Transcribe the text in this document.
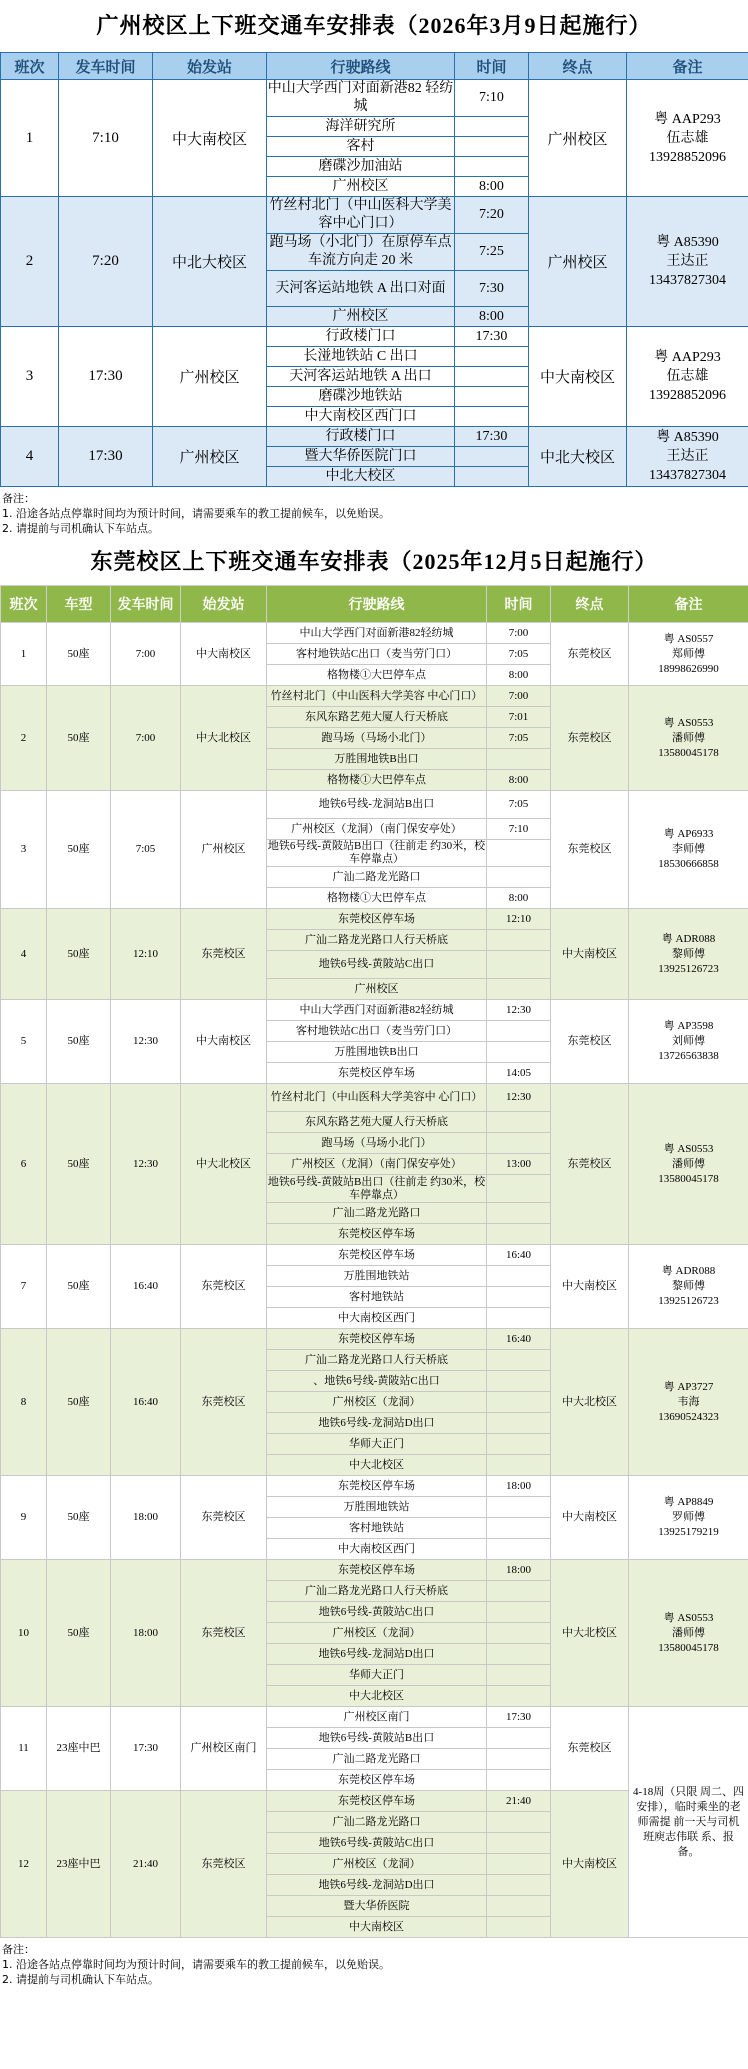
广州校区上下班交通车安排表（2026年3月9日起施行）
班次	发车时间	始发站	行驶路线	时间	终点	备注
1	7:10	中大南校区	中山大学西门对面新港82 轻纺城	7:10	广州校区	粤 AAP293
伍志雄
13928852096

			海洋研究所			
			客村			
			磨碟沙加油站			
			广州校区	8:00		
2	7:20	中北大校区	竹丝村北门（中山医科大学美容中心门口）	7:20	广州校区	粤 A85390
王达正
13437827304

			跑马场（小北门）在原停车点车流方向走 20 米	7:25		
			天河客运站地铁 A 出口对面	7:30		
			广州校区	8:00		
3	17:30	广州校区	行政楼门口	17:30	中大南校区	粤 AAP293
伍志雄
13928852096

			长湴地铁站 C 出口			
			天河客运站地铁 A 出口			
			磨碟沙地铁站			
			中大南校区西门口			
4	17:30	广州校区	行政楼门口	17:30	中北大校区	粤 A85390
王达正
13437827304

			暨大华侨医院门口			
			中北大校区			
备注：
1. 沿途各站点停靠时间均为预计时间，请需要乘车的教工提前候车，以免贻误。
2. 请提前与司机确认下车站点。
东莞校区上下班交通车安排表（2025年12月5日起施行）
班次	车型	发车时间	始发站	行驶路线	时间	终点	备注
1	50座	7:00	中大南校区	中山大学西门对面新港82轻纺城	7:00	东莞校区	粤 AS0557
郑师傅
18998626990

				客村地铁站C出口（麦当劳门口）	7:05		
				格物楼①大巴停车点	8:00		
2	50座	7:00	中大北校区	竹丝村北门（中山医科大学美容 中心门口）	7:00	东莞校区	粤 AS0553
潘师傅
13580045178

				东风东路艺苑大厦人行天桥底	7:01		
				跑马场（马场小北门）	7:05		
				万胜围地铁B出口			
				格物楼①大巴停车点	8:00		
3	50座	7:05	广州校区	地铁6号线-龙洞站B出口	7:05	东莞校区	粤 AP6933
李师傅
18530666858

				广州校区（龙洞）（南门保安亭处）	7:10		
				地铁6号线-黄陂站B出口（往前走 约30米，校车停靠点）			
				广汕二路龙光路口			
				格物楼①大巴停车点	8:00		
4	50座	12:10	东莞校区	东莞校区停车场	12:10	中大南校区	粤 ADR088
黎师傅
13925126723

				广汕二路龙光路口人行天桥底			
				地铁6号线-黄陂站C出口			
				广州校区			
5	50座	12:30	中大南校区	中山大学西门对面新港82轻纺城	12:30	东莞校区	粤 AP3598
刘师傅
13726563838

				客村地铁站C出口（麦当劳门口）			
				万胜围地铁B出口			
				东莞校区停车场	14:05		
6	50座	12:30	中大北校区	竹丝村北门（中山医科大学美容中 心门口）	12:30	东莞校区	粤 AS0553
潘师傅
13580045178

				东风东路艺苑大厦人行天桥底			
				跑马场（马场小北门）			
				广州校区（龙洞）（南门保安亭处）	13:00		
				地铁6号线-黄陂站B出口（往前走 约30米，校车停靠点）			
				广汕二路龙光路口			
				东莞校区停车场			
7	50座	16:40	东莞校区	东莞校区停车场	16:40	中大南校区	粤 ADR088
黎师傅
13925126723

				万胜围地铁站			
				客村地铁站			
				中大南校区西门			
8	50座	16:40	东莞校区	东莞校区停车场	16:40	中大北校区	粤 AP3727
韦海
13690524323

				广汕二路龙光路口人行天桥底			
				、地铁6号线-黄陂站C出口			
				广州校区（龙洞）			
				地铁6号线-龙洞站D出口			
				华师大正门			
				中大北校区			
9	50座	18:00	东莞校区	东莞校区停车场	18:00	中大南校区	粤 AP8849
罗师傅
13925179219

				万胜围地铁站			
				客村地铁站			
				中大南校区西门			
10	50座	18:00	东莞校区	东莞校区停车场	18:00	中大北校区	粤 AS0553
潘师傅
13580045178

				广汕二路龙光路口人行天桥底			
				地铁6号线-黄陂站C出口			
				广州校区（龙洞）			
				地铁6号线-龙洞站D出口			
				华师大正门			
				中大北校区			
11	23座中巴	17:30	广州校区南门	广州校区南门	17:30	东莞校区	4-18周（只限 周二、四 安排），临时乘坐的老师需提 前一天与司机 班庾志伟联 系、报备。
				地铁6号线-黄陂站B出口			
				广汕二路龙光路口			
				东莞校区停车场			
12	23座中巴	21:40	东莞校区	东莞校区停车场	21:40	中大南校区	
				广汕二路龙光路口			
				地铁6号线-黄陂站C出口			
				广州校区（龙洞）			
				地铁6号线-龙洞站D出口			
				暨大华侨医院			
				中大南校区			
备注：
1. 沿途各站点停靠时间均为预计时间，请需要乘车的教工提前候车，以免贻误。
2. 请提前与司机确认下车站点。
